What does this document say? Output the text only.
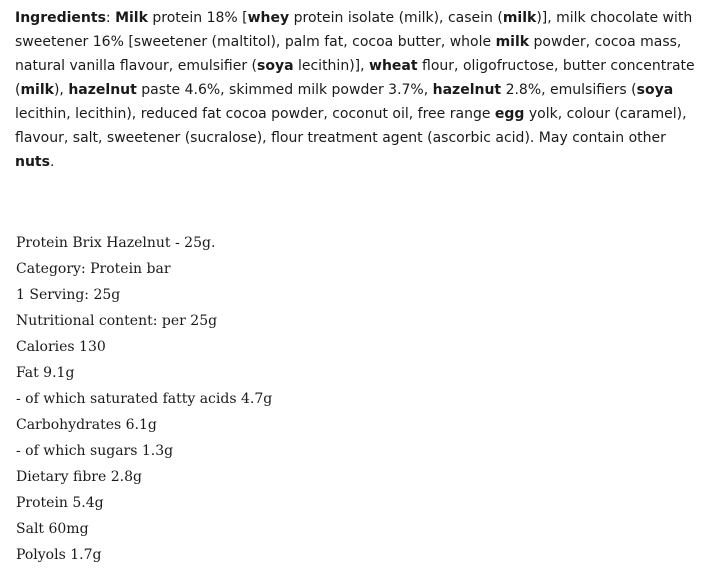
Ingredients: Milk protein 18% [whey protein isolate (milk), casein (milk)], milk chocolate with sweetener 16% [sweetener (maltitol), palm fat, cocoa butter, whole milk powder, cocoa mass, natural vanilla flavour, emulsifier (soya lecithin)], wheat flour, oligofructose, butter concentrate (milk), hazelnut paste 4.6%, skimmed milk powder 3.7%, hazelnut 2.8%, emulsifiers (soya lecithin, lecithin), reduced fat cocoa powder, coconut oil, free range egg yolk, colour (caramel), flavour, salt, sweetener (sucralose), flour treatment agent (ascorbic acid). May contain other nuts.

Protein Brix Hazelnut - 25g.
Category: Protein bar
1 Serving: 25g
Nutritional content: per 25g
Calories 130
Fat 9.1g
- of which saturated fatty acids 4.7g
Carbohydrates 6.1g
- of which sugars 1.3g
Dietary fibre 2.8g
Protein 5.4g
Salt 60mg
Polyols 1.7g
